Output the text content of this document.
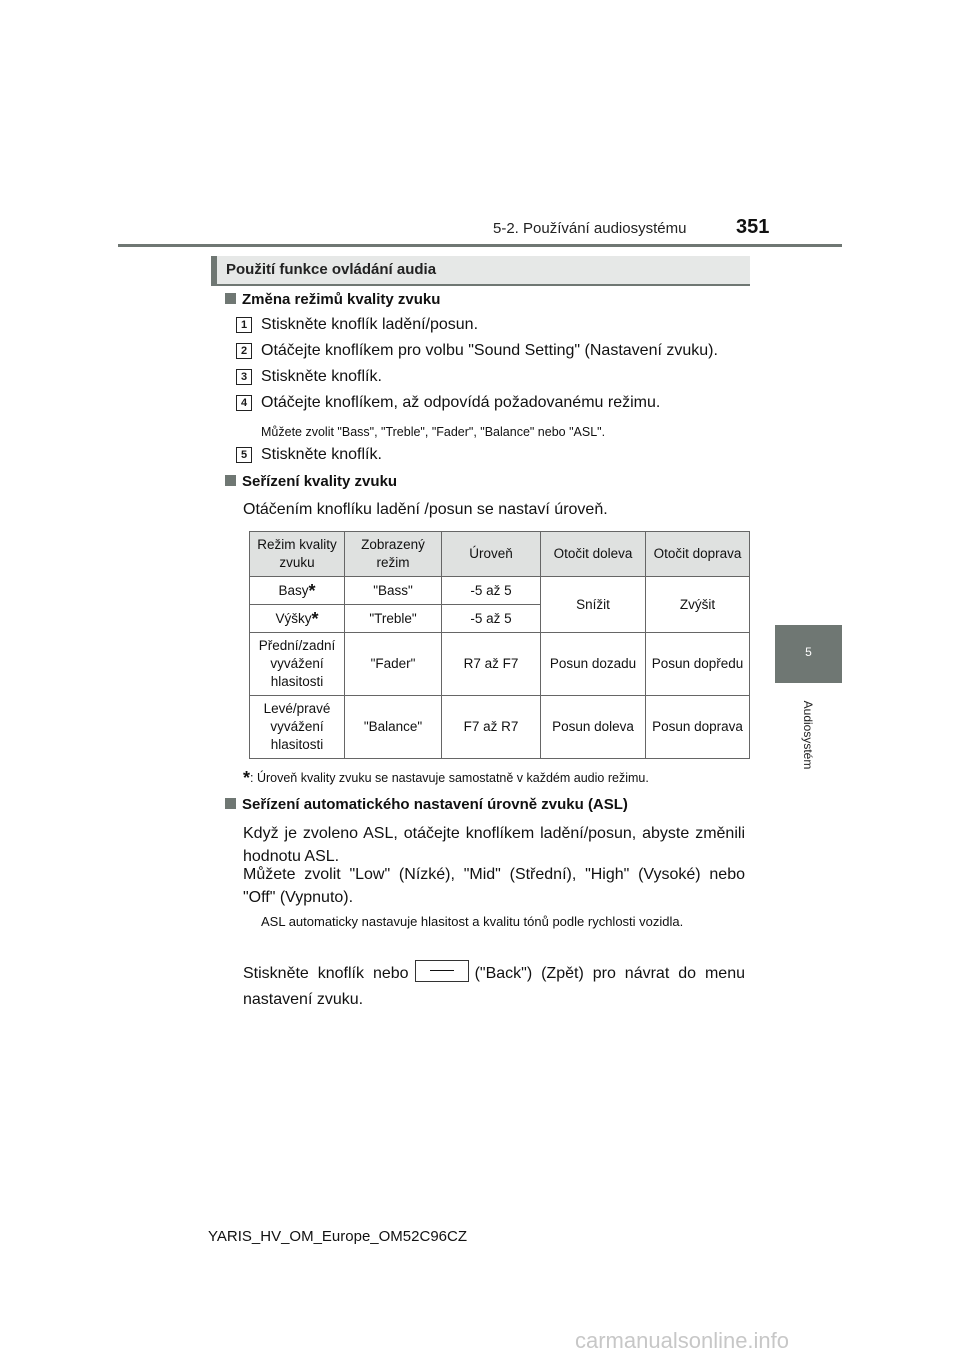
5-2. Používání audiosystému 351
5
Audiosystém
Použití funkce ovládání audia
Změna režimů kvality zvuku
1 Stiskněte knoflík ladění/posun.
2 Otáčejte knoflíkem pro volbu "Sound Setting" (Nastavení zvuku).
3 Stiskněte knoflík.
4 Otáčejte knoflíkem, až odpovídá požadovanému režimu.
Můžete zvolit "Bass", "Treble", "Fader", "Balance" nebo "ASL".
5 Stiskněte knoflík.
Seřízení kvality zvuku
Otáčením knoflíku ladění /posun se nastaví úroveň.
Režim kvality zvuku	Zobrazený režim	Úroveň	Otočit doleva	Otočit doprava
Basy*	"Bass"	-5 až 5	Snížit	Zvýšit
Výšky*	"Treble"	-5 až 5		
Přední/zadní vyvážení hlasitosti	"Fader"	R7 až F7	Posun dozadu	Posun dopředu
Levé/pravé vyvážení hlasitosti	"Balance"	F7 až R7	Posun doleva	Posun doprava
*: Úroveň kvality zvuku se nastavuje samostatně v každém audio režimu.
Seřízení automatického nastavení úrovně zvuku (ASL)
Když je zvoleno ASL, otáčejte knoflíkem ladění/posun, abyste změnili hodnotu ASL.
Můžete zvolit "Low" (Nízké), "Mid" (Střední), "High" (Vysoké) nebo "Off" (Vypnuto).
ASL automaticky nastavuje hlasitost a kvalitu tónů podle rychlosti vozidla.
Stiskněte knoflík nebo	("Back") (Zpět) pro návrat do menu nastavení zvuku.
YARIS_HV_OM_Europe_OM52C96CZ
carmanualsonline.info
